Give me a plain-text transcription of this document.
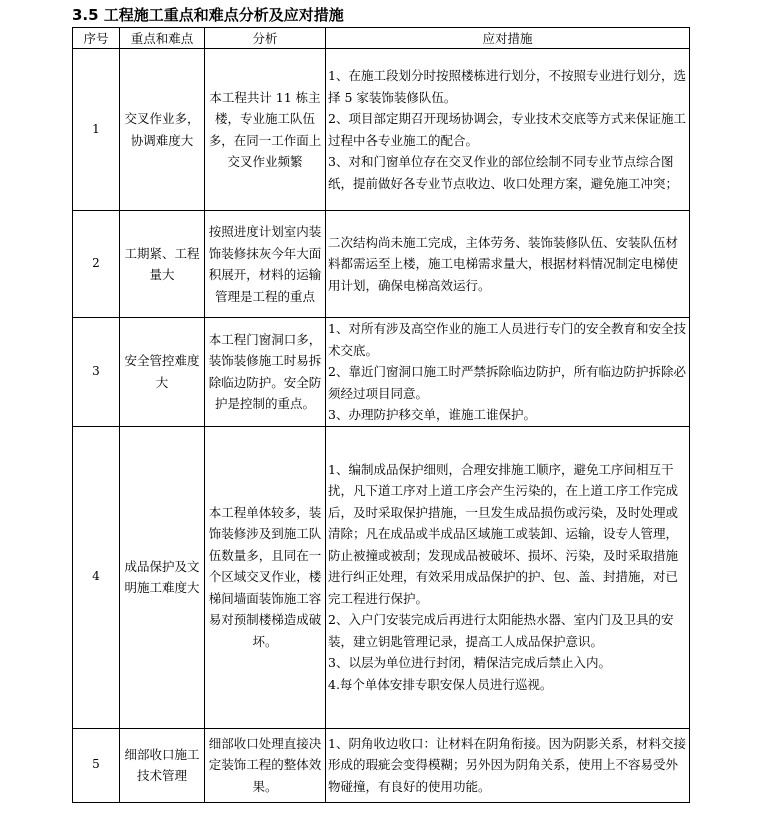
3.5 工程施工重点和难点分析及应对措施
序号	重点和难点	分析	应对措施
1	交叉作业多，协调难度大	本工程共计 11 栋主楼，专业施工队伍多，在同一工作面上交叉作业频繁	1、在施工段划分时按照楼栋进行划分，不按照专业进行划分，选择 5 家装饰装修队伍。
2、项目部定期召开现场协调会，专业技术交底等方式来保证施工过程中各专业施工的配合。
3、对和门窗单位存在交叉作业的部位绘制不同专业节点综合图纸，提前做好各专业节点收边、收口处理方案，避免施工冲突；
2	工期紧、工程量大	按照进度计划室内装饰装修抹灰今年大面积展开，材料的运输管理是工程的重点	二次结构尚未施工完成，主体劳务、装饰装修队伍、安装队伍材料都需运至上楼，施工电梯需求量大，根据材料情况制定电梯使用计划，确保电梯高效运行。
3	安全管控难度大	本工程门窗洞口多，装饰装修施工时易拆除临边防护。安全防护是控制的重点。	1、对所有涉及高空作业的施工人员进行专门的安全教育和安全技术交底。
2、靠近门窗洞口施工时严禁拆除临边防护，所有临边防护拆除必须经过项目同意。
3、办理防护移交单，谁施工谁保护。
4	成品保护及文明施工难度大	本工程单体较多，装饰装修涉及到施工队伍数量多，且同在一个区域交叉作业，楼梯间墙面装饰施工容易对预制楼梯造成破坏。	1、编制成品保护细则，合理安排施工顺序，避免工序间相互干扰，凡下道工序对上道工序会产生污染的，在上道工序工作完成后，及时采取保护措施，一旦发生成品损伤或污染，及时处理或清除；凡在成品或半成品区域施工或装卸、运输，设专人管理，防止被撞或被刮；发现成品被破坏、损坏、污染，及时采取措施进行纠正处理，有效采用成品保护的护、包、盖、封措施，对已完工程进行保护。
2、入户门安装完成后再进行太阳能热水器、室内门及卫具的安装，建立钥匙管理记录，提高工人成品保护意识。
3、以层为单位进行封闭，精保洁完成后禁止入内。
4.每个单体安排专职安保人员进行巡视。
5	细部收口施工技术管理	细部收口处理直接决定装饰工程的整体效果。	1、阴角收边收口：让材料在阴角衔接。因为阴影关系，材料交接形成的瑕疵会变得模糊；另外因为阴角关系，使用上不容易受外物碰撞，有良好的使用功能。
